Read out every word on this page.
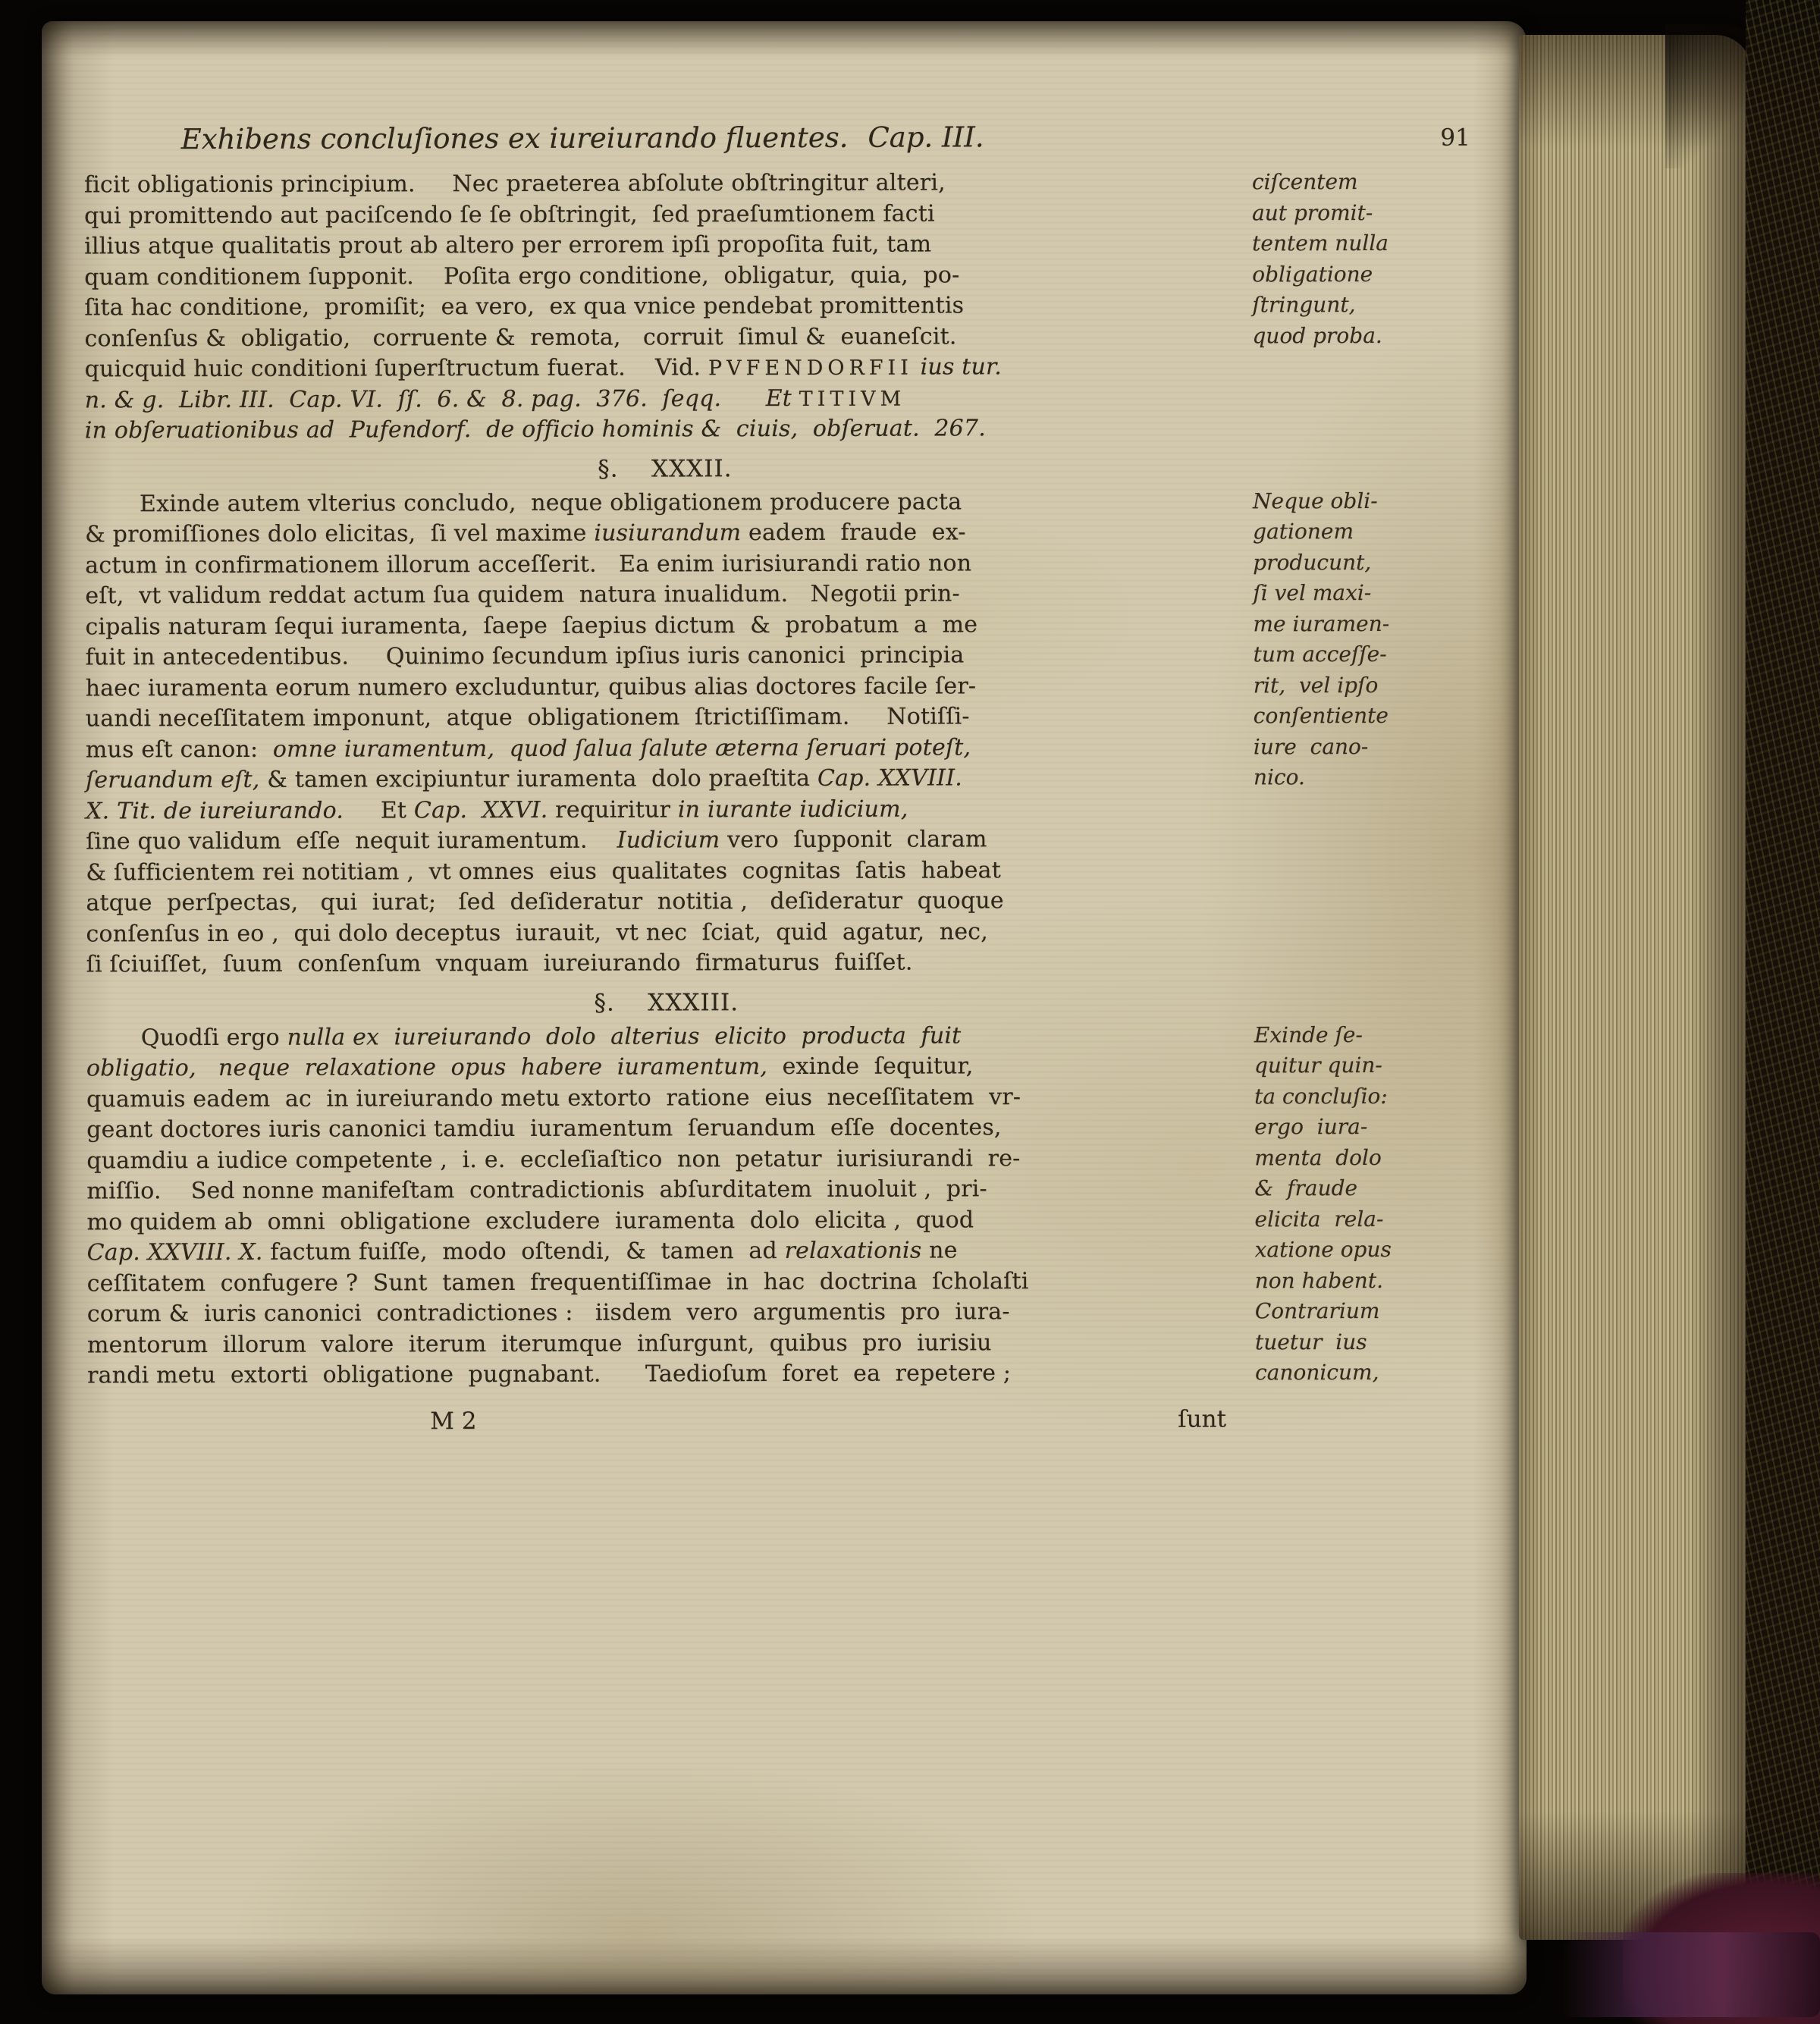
Exhibens concluſiones ex iureiurando fluentes. Cap. III.	91
ficit obligationis principium.     Nec praeterea abſolute obſtringitur alteri,	ciſcentem
qui promittendo aut paciſcendo ſe ſe obſtringit,  ſed praeſumtionem facti	aut promit-
illius atque qualitatis prout ab altero per errorem ipſi propoſita fuit, tam	tentem nulla
quam conditionem ſupponit.    Poſita ergo conditione,  obligatur,  quia,  po-	obligatione
ſita hac conditione,  promiſit;  ea vero,  ex qua vnice pendebat promittentis	ſtringunt,
conſenſus &  obligatio,   corruente &  remota,   corruit  ſimul &  euaneſcit.	quod proba.
quicquid huic conditioni ſuperſtructum fuerat.    Vid. PVFENDORFII ius tur.
n. & g.  Libr. III.  Cap. VI.  ſſ.  6. &  8. pag.  376.  ſeqq.      Et TITIVM
in obſeruationibus ad  Pufendorf.  de officio hominis &  ciuis,  obſeruat.  267.
§.    XXXII.
Exinde autem vlterius concludo,  neque obligationem producere pacta	Neque obli-
& promiſſiones dolo elicitas,  ſi vel maxime iusiurandum eadem  fraude  ex-	gationem
actum in confirmationem illorum acceſſerit.   Ea enim iurisiurandi ratio non	producunt,
eſt,  vt validum reddat actum ſua quidem  natura inualidum.   Negotii prin-	ſi vel maxi-
cipalis naturam ſequi iuramenta,  ſaepe  ſaepius dictum  &  probatum  a  me	me iuramen-
fuit in antecedentibus.     Quinimo ſecundum ipſius iuris canonici  principia	tum acceſſe-
haec iuramenta eorum numero excluduntur, quibus alias doctores facile ſer-	rit,  vel ipſo
uandi neceſſitatem imponunt,  atque  obligationem  ſtrictiſſimam.     Notiſſi-	conſentiente
mus eſt canon:  omne iuramentum,  quod ſalua ſalute æterna ſeruari poteſt,	iure  cano-
ſeruandum eſt, & tamen excipiuntur iuramenta  dolo praeſtita Cap. XXVIII.	nico.
X. Tit. de iureiurando.     Et Cap.  XXVI. requiritur in iurante iudicium,
ſine quo validum  eſſe  nequit iuramentum.    Iudicium vero  ſupponit  claram
& ſufficientem rei notitiam ,  vt omnes  eius  qualitates  cognitas  ſatis  habeat
atque  perſpectas,   qui  iurat;   ſed  deſideratur  notitia ,   deſideratur  quoque
conſenſus in eo ,  qui dolo deceptus  iurauit,  vt nec  ſciat,  quid  agatur,  nec,
ſi ſciuiſſet,  ſuum  conſenſum  vnquam  iureiurando  firmaturus  fuiſſet.
§.    XXXIII.
Quodſi ergo nulla ex  iureiurando  dolo  alterius  elicito  producta  fuit	Exinde ſe-
obligatio,   neque  relaxatione  opus  habere  iuramentum,  exinde  ſequitur,	quitur quin-
quamuis eadem  ac  in iureiurando metu extorto  ratione  eius  neceſſitatem  vr-	ta concluſio:
geant doctores iuris canonici tamdiu  iuramentum  ſeruandum  eſſe  docentes,	ergo  iura-
quamdiu a iudice competente ,  i. e.  eccleſiaſtico  non  petatur  iurisiurandi  re-	menta  dolo
miſſio.    Sed nonne manifeſtam  contradictionis  abſurditatem  inuoluit ,  pri-	&  fraude
mo quidem ab  omni  obligatione  excludere  iuramenta  dolo  elicita ,  quod	elicita  rela-
Cap. XXVIII. X. factum fuiſſe,  modo  oſtendi,  &  tamen  ad relaxationis ne	xatione opus
ceſſitatem  confugere ?  Sunt  tamen  frequentiſſimae  in  hac  doctrina  ſcholaſti	non habent.
corum &  iuris canonici  contradictiones :   iisdem  vero  argumentis  pro  iura-	Contrarium
mentorum  illorum  valore  iterum  iterumque  inſurgunt,  quibus  pro  iurisiu	tuetur  ius
randi metu  extorti  obligatione  pugnabant.      Taedioſum  foret  ea  repetere ;	canonicum,
M 2	ſunt
